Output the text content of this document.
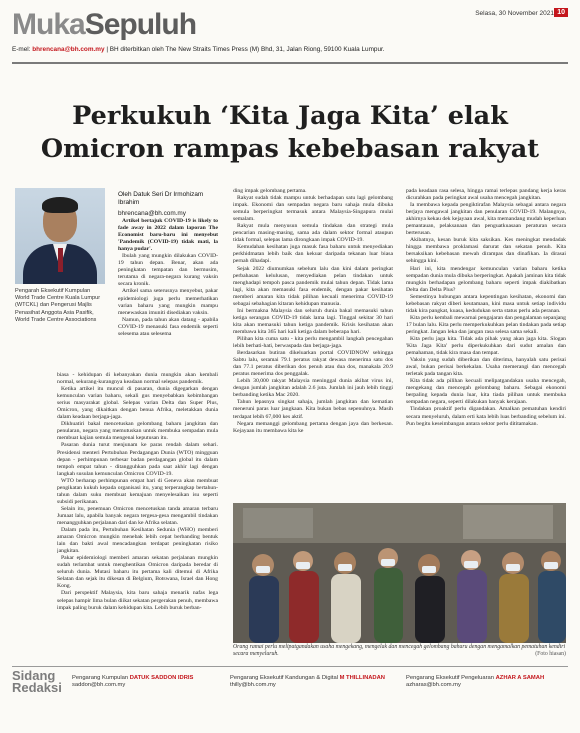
MukaSepuluh	Selasa, 30 November 2021 10
E-mel: bhrencana@bh.com.my | BH diterbitkan oleh The New Straits Times Press (M) Bhd, 31, Jalan Riong, 59100 Kuala Lumpur.
Perkukuh ‘Kita Jaga Kita’ elak
Omicron rampas kebebasan rakyat
Pengarah Eksekutif Kumpulan World Trade Centre Kuala Lumpur (WTCKL) dan Pengerusi Majlis Penasihat Anggota Asia Pasifik, World Trade Centre Associations
Oleh Datuk Seri Dr Irmohizam Ibrahim
bhrencana@bh.com.my

Artikel bertajuk COVID-19 is likely to fade away in 2022 dalam laporan The Economist baru-baru ini menyebut 'Pandemik (COVID-19) tidak mati, la hanya pudar'.

Ibulah yang mungkin dilakukan COVID-19 tahun depan. Benar, akan ada peningkatan tempatan dan bermusim, terutama di negara-negara kurang vaksin secara kronik.

Artikel sama seterusnya menyebut, pakar epidemiologi juga perlu memerhatikan varian baharu yang mungkin mampu menewaskan imuniti disediakan vaksin.

Namun, pada tahun akan datang - apabila COVID-19 menasuki fasa endemik seperti selesema atau selesema

biasa - kehidupan di kebanyakan dunia mungkin akan kembali normal, sekurang-kurangnya keadaan normal selepas pandemik.

Ketika artikel itu muncul di pasaran, dunia digegarkan dengan kemunculan varian baharu, sekali gus menyebabkan kebimbangan serius masyarakat global. Selepas varian Delta dan Super Plus, Omicron, yang dikaitkan dengan benua Afrika, meletakkan dunia dalam keadaan berjaga-jaga.

Dikhuatiri bakal mencetuskan gelombang baharu jangkitan dan penularan, negara yang memutuskan untuk membuka sempadan mula membuat kajian semula mengenai keputusan itu.

Pasaran dunia turut menjunam ke paras rendah dalam sehari. Presidensi menteri Pertubuhan Perdagangan Dunia (WTO) mingguan depan - perhimpunan terbesar badan perdagangan global itu dalam tempoh empat tahun - ditangguhkan pada saat akhir lagi dengan langkah susulan kemunculan Omicron COVID-19.

WTO berharap perhimpunan empat hari di Geneva akan membuat pengikatan kukuh kepada organisasi itu, yang terperangkap bertahun-tahun dalam suku membuat kemajuan menyelesaikan isu seperti subsidi perikanan.

Selain itu, penemuan Omicron mencetuskan tanda amaran terbaru Jumaat lalu, apabila banyak negara tergesa-gesa mengambil tindakan menangguhkan perjalanan dari dan ke Afrika selatan.

Dalam pada itu, Pertubuhan Kesihatan Sedunia (WHO) memberi amaran Omicron mungkin menebak lebih cepat berbanding bentuk lain dan bakti awal mencadangkan terdapat peningkatan risiko jangkitan.

Pakar epidemiologi memberi amaran sekatan perjalanan mungkin sudah terlambat untuk menghentikan Omicron daripada beredar di seluruh dunia. Mutasi baharu itu pertama kali ditemui di Afrika Selatan dan sejak itu dikesan di Belgium, Botswana, Israel dan Hong Kong.

Dari perspektif Malaysia, kita baru sahaja menarik nafas lega selepas hampir lima bulan diikat sekatan pergerakan penuh, membawa impak paling buruk dalam kehidupan kita. Lebih buruk berban-

ding impak gelombang pertama.

Rakyat sudah tidak mampu untuk berhadapan satu lagi gelombang impak. Ekonomi dan sempadan negara baru sahaja mula dibuka semula berperingkat termasuk antara Malaysia-Singapura mulai semalam.

Rakyat mula menyusun semula tindakan dan strategi mula pencarian masing-masing, sama ada dalam sektor formal ataupun tidak formal, selepas lama dirongkaan impak COVID-19.

Kemudahan kesihatan juga masuk fasa baharu untuk menyediakan perkhidmatan lebih baik dan kekuar daripada tekanan luar biasa pernah dihadapi.

Sejak 2022 diumumkan sebelum lalu dan kini dalam peringkat perbahasan kelulusan, menyediakan pelan tindakan untuk menghadapi tempoh pasca pandemik mulai tahun depan. Tidak lama lagi, kita akan memasuki fasa endemik, dengan pakar kesihatan memberi amaran kita tidak pilihan kecuali menerima COVID-19 sebagai sebahagian kitaran kehidupan manusia.

Ini bermakna Malaysia dan seluruh dunia bakal memasuki tahun ketiga serangan COVID-19 tidak lama lagi. Tinggal sekitar 30 hari kita akan memasuki tahun ketiga pandemik. Krisis kesihatan akan membawa kita 365 hari kali ketiga dalam beberapa hari.

Pilihan kita cuma satu - kita perlu mengambil langkah pencegahan lebih berhati-hati, berwaspada dan berjaga-jaga.

Berdasarkan butiran dikeluarkan portal COVIDNOW sehingga Sabtu lalu, seramai 79.1 peratus rakyat dewasa menerima satu dos dan 77.1 peratus diberikan dos penuh atau dua dos, manakala 20.9 peratus menerima dos penggalak.

Lebih 30,000 rakyat Malaysia meninggal dunia akibat virus ini, dengan jumlah jangkitan adalah 2.6 juta. Jumlah ini jauh lebih tinggi berbanding ketika Mac 2020.

Tahun lepasnya singkat sahaja, jumlah jangkitan dan kematian meneruni paras luar jangkaan. Kita bukan bebas sepenuhnya. Masih terdapat lebih 67,000 kes aktif.

Negara memanggi gelombang pertama dengan jaya dan berkesan. Kejayaan itu membawa kita ke

pada keadaan rasa selesa, hingga ramai terlepas pandang kerja keras dicurahkan pada peringkat awal usaha mencegah jangkitan.

Ia membawa kepada pengiktirafan Malaysia sebagai antara negara berjaya mengawal jangkitan dan penularan COVID-19. Malangnya, akhirnya kekau dek kejayaan awal, kita memandang mudah keperluan pemantauan, pelaksanaan dan penguatkuasaan peraturan secara berterusan.

Akibatnya, kesan buruk kita saksikan. Kes meningkat mendadak hingga membawa proklamasi darurat dan sekatan penuh. Kita bersaksikan kebebasan mewah dirampas dan dinafikan. Ia dirasai sehingga kini.

Hari ini, kita mendengar kemunculan varian baharu ketika sempadan dunia mula dibuka berperingkat. Apakah jaminan kita tidak mungkin berhadapan gelombang baharu seperti impak diakibatkan Delta dan Delta Plus?

Semestinya hubungan antara kepentingan kesihatan, ekonomi dan kebebasan rakyat diberi keutamaan, kini masa untuk setiap individu tidak kira pangkat, kuasa, kedudukan serta status perlu ada peranan.

Kita perlu kembali mewarnai pengajaran dan pengalaman sepanjang 17 bulan lalu. Kita perlu memperkukuhkan pelan tindakan pada setiap peringkat. Jangan leka dan jangan rasa selesa sama sekali.

Kita perlu jaga kita. Tidak ada pihak yang akan jaga kita. Slogan 'Kita Jaga Kita' perlu diperkukuhkan dari sudut amalan dan pemahaman, tidak kira masa dan tempat.

Vaksin yang sudah diberikan dan diterima, hanyalah satu perisai awal, bukan perisai berkekalan. Usaha memerangi dan mencegah terletak pada tangan kita.

Kita tidak ada pilihan kecuali melipatgandakan usaha mencegah, mengekang dan mencegah gelombang baharu. Sebagai ekonomi berpaling kepada dunia luar, kita tiada pilihan untuk membuka sempadan negara, seperti dilakukan banyak kerajaan.

Tindakan proaktif perlu digandakan. Amalkan pematuhan kendiri secara menyeluruh, dalam erti kata lebih luas berbanding sebelum ini. Pun begitu keseimbangan antara sektor perlu dititamakan.

Orang ramai perlu melipatgandakan usaha mengekang, mengelak dan mencegah gelombang baharu dengan mengamalkan pematuhan kendiri secara menyeluruh.	(Foto hiasan)
Sidang
Redaksi
Pengarang Kumpulan DATUK SADDON IDRIS
saddon@bh.com.my
Pengarang Eksekutif Kandungan & Digital M THILLINADAN
thilly@bh.com.my
Pengarang Eksekutif Pengeluaran AZHAR A SAMAH
azharas@bh.com.my
